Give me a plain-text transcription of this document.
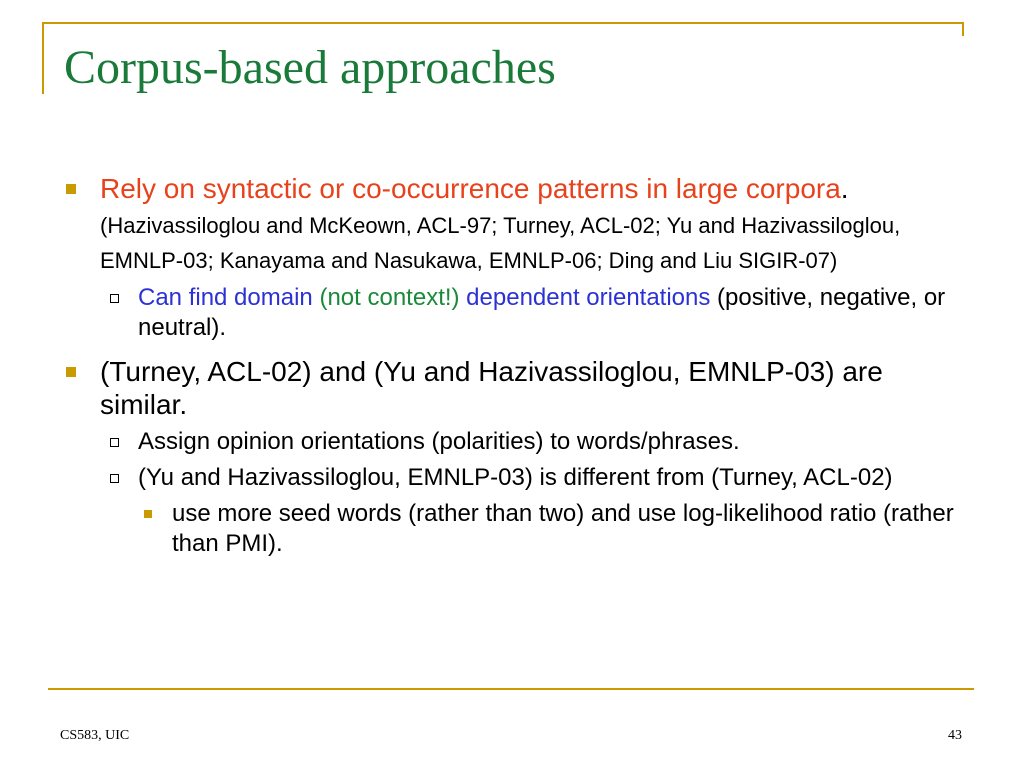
Corpus-based approaches
Rely on syntactic or co-occurrence patterns in large corpora. (Hazivassiloglou and McKeown, ACL-97; Turney, ACL-02; Yu and Hazivassiloglou, EMNLP-03; Kanayama and Nasukawa, EMNLP-06; Ding and Liu SIGIR-07)
Can find domain (not context!) dependent orientations (positive, negative, or neutral).
(Turney, ACL-02) and (Yu and Hazivassiloglou, EMNLP-03) are similar.
Assign opinion orientations (polarities) to words/phrases.
(Yu and Hazivassiloglou, EMNLP-03) is different from (Turney, ACL-02)
use more seed words (rather than two) and use log-likelihood ratio (rather than PMI).
CS583, UIC	43
